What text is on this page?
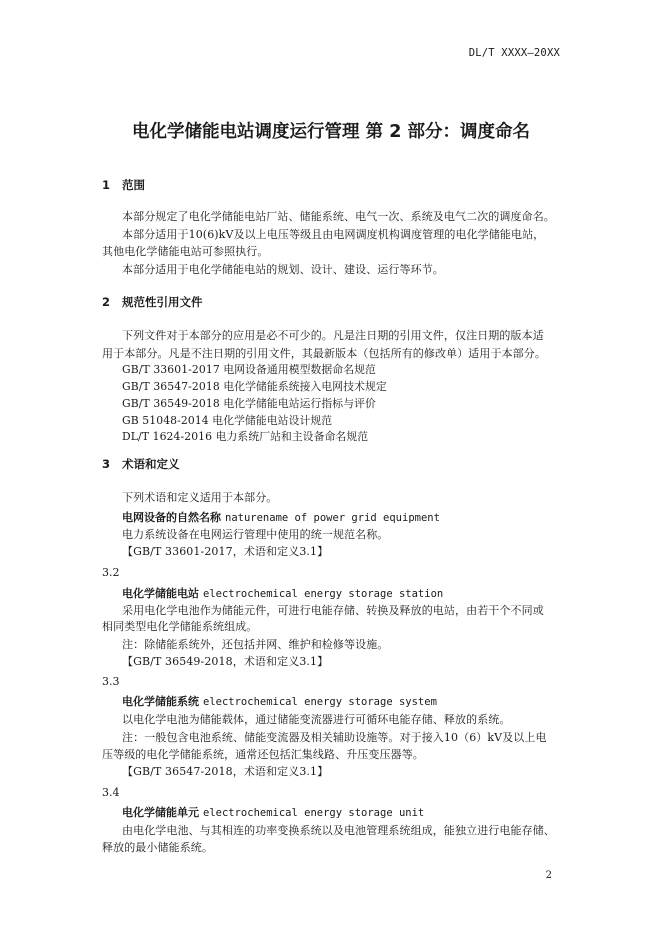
DL/T XXXX—20XX
电化学储能电站调度运行管理 第 2 部分：调度命名
1 范围
本部分规定了电化学储能电站厂站、储能系统、电气一次、系统及电气二次的调度命名。
本部分适用于10(6)kV及以上电压等级且由电网调度机构调度管理的电化学储能电站，
其他电化学储能电站可参照执行。
本部分适用于电化学储能电站的规划、设计、建设、运行等环节。
2 规范性引用文件
下列文件对于本部分的应用是必不可少的。凡是注日期的引用文件，仅注日期的版本适
用于本部分。凡是不注日期的引用文件，其最新版本（包括所有的修改单）适用于本部分。
GB/T 33601-2017 电网设备通用模型数据命名规范
GB/T 36547-2018 电化学储能系统接入电网技术规定
GB/T 36549-2018 电化学储能电站运行指标与评价
GB 51048-2014 电化学储能电站设计规范
DL/T 1624-2016 电力系统厂站和主设备命名规范
3 术语和定义
下列术语和定义适用于本部分。
电网设备的自然名称 naturename of power grid equipment
电力系统设备在电网运行管理中使用的统一规范名称。
【GB/T 33601-2017，术语和定义3.1】
3.2
电化学储能电站 electrochemical energy storage station
采用电化学电池作为储能元件，可进行电能存储、转换及释放的电站，由若干个不同或
相同类型电化学储能系统组成。
注：除储能系统外，还包括并网、维护和检修等设施。
【GB/T 36549-2018，术语和定义3.1】
3.3
电化学储能系统 electrochemical energy storage system
以电化学电池为储能载体，通过储能变流器进行可循环电能存储、释放的系统。
注：一般包含电池系统、储能变流器及相关辅助设施等。对于接入10（6）kV及以上电
压等级的电化学储能系统，通常还包括汇集线路、升压变压器等。
【GB/T 36547-2018，术语和定义3.1】
3.4
电化学储能单元 electrochemical energy storage unit
由电化学电池、与其相连的功率变换系统以及电池管理系统组成，能独立进行电能存储、
释放的最小储能系统。
2
